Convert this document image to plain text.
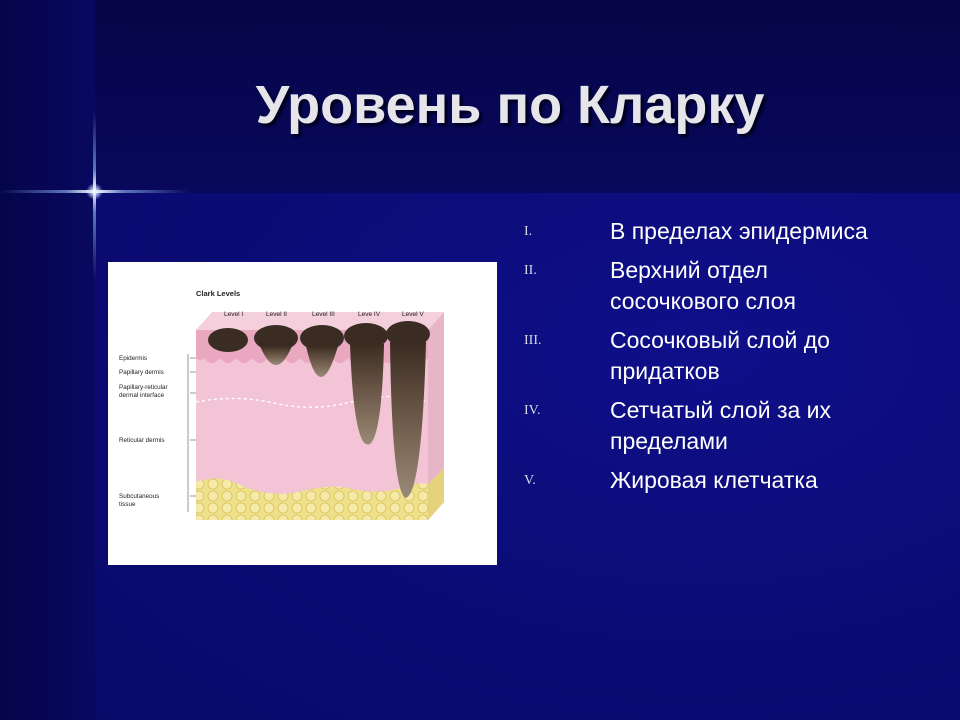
Уровень по Кларку
Clark Levels
Level I	Level II	Level III	Leve IV	Level V
Epidermis
Papillary dermis
Papillary-reticular
dermal interface
Reticular dermis
Subcutaneous
tissue
I.	В пределах эпидермиса
II.	Верхний отдел сосочкового слоя
III.	Сосочковый слой до придатков
IV.	Сетчатый слой за их пределами
V.	Жировая клетчатка
